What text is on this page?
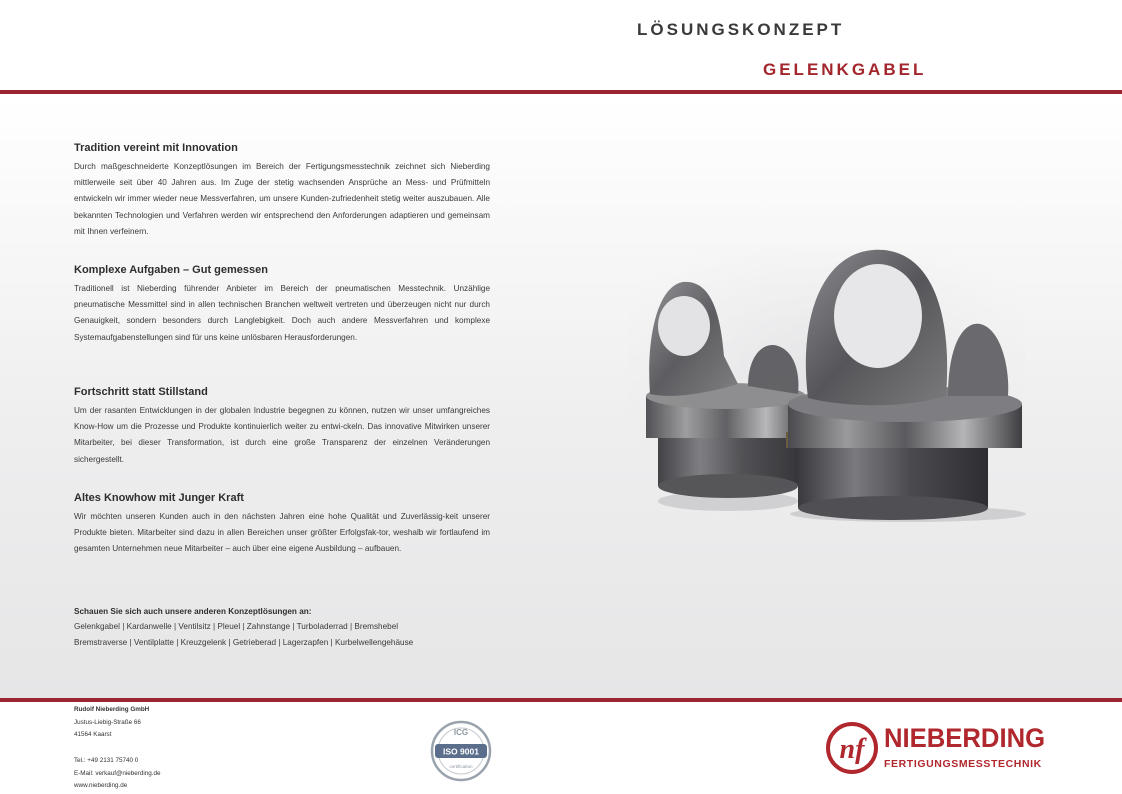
LÖSUNGSKONZEPT
GELENKGABEL
Tradition vereint mit Innovation
Durch maßgeschneiderte Konzeptlösungen im Bereich der Fertigungsmesstechnik zeichnet sich Nieberding mittlerweile seit über 40 Jahren aus. Im Zuge der stetig wachsenden Ansprüche an Mess- und Prüfmitteln entwickeln wir immer wieder neue Messverfahren, um unsere Kunden-zufriedenheit stetig weiter auszubauen. Alle bekannten Technologien und Verfahren werden wir entsprechend den Anforderungen adaptieren und gemeinsam mit Ihnen verfeinern.
Komplexe Aufgaben – Gut gemessen
Traditionell ist Nieberding führender Anbieter im Bereich der pneumatischen Messtechnik. Unzählige pneumatische Messmittel sind in allen technischen Branchen weltweit vertreten und überzeugen nicht nur durch Genauigkeit, sondern besonders durch Langlebigkeit. Doch auch andere Messverfahren und komplexe Systemaufgabenstellungen sind für uns keine unlösbaren Herausforderungen.
Fortschritt statt Stillstand
Um der rasanten Entwicklungen in der globalen Industrie begegnen zu können, nutzen wir unser umfangreiches Know-How um die Prozesse und Produkte kontinuierlich weiter zu entwi-ckeln. Das innovative Mitwirken unserer Mitarbeiter, bei dieser Transformation, ist durch eine große Transparenz der einzelnen Veränderungen sichergestellt.
Altes Knowhow mit Junger Kraft
Wir möchten unseren Kunden auch in den nächsten Jahren eine hohe Qualität und Zuverlässig-keit unserer Produkte bieten. Mitarbeiter sind dazu in allen Bereichen unser größter Erfolgsfak-tor, weshalb wir fortlaufend im gesamten Unternehmen neue Mitarbeiter – auch über eine eigene Ausbildung – aufbauen.
Schauen Sie sich auch unsere anderen Konzeptlösungen an:
Gelenkgabel | Kardanwelle | Ventilsitz | Pleuel | Zahnstange | Turboladerrad | Bremshebel
Bremstraverse | Ventilplatte | Kreuzgelenk | Getrieberad | Lagerzapfen | Kurbelwellengehäuse
Rudolf Nieberding GmbH
Justus-Liebig-Straße 66
41564 Kaarst
Tel.: +49 2131 75740 0
E-Mail: verkauf@nieberding.de
www.nieberding.de
ICG
ISO 9001
certification
nf NIEBERDING
FERTIGUNGSMESSTECHNIK
